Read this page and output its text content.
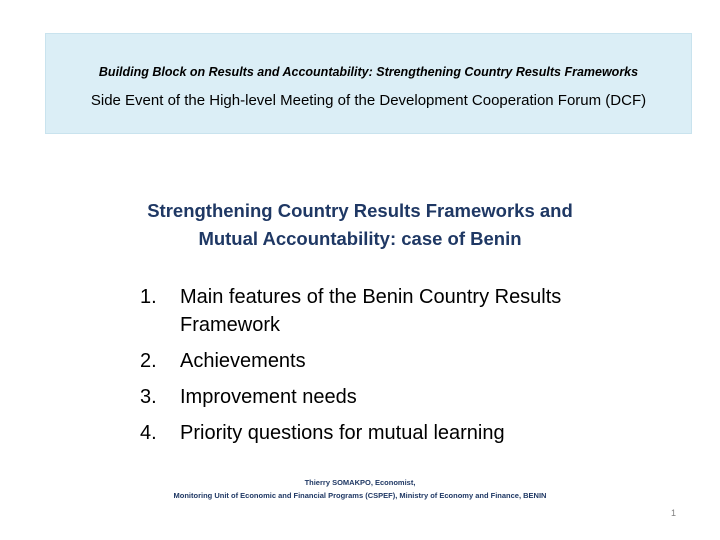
Building Block on Results and Accountability: Strengthening Country Results Frameworks
Side Event of the High-level Meeting of the Development Cooperation Forum (DCF)
Strengthening Country Results Frameworks and
Mutual Accountability: case of Benin
1. Main features of the Benin Country Results Framework
2. Achievements
3. Improvement needs
4. Priority questions for mutual learning
Thierry SOMAKPO, Economist,
Monitoring Unit of Economic and Financial Programs (CSPEF), Ministry of Economy and Finance, BENIN
1
